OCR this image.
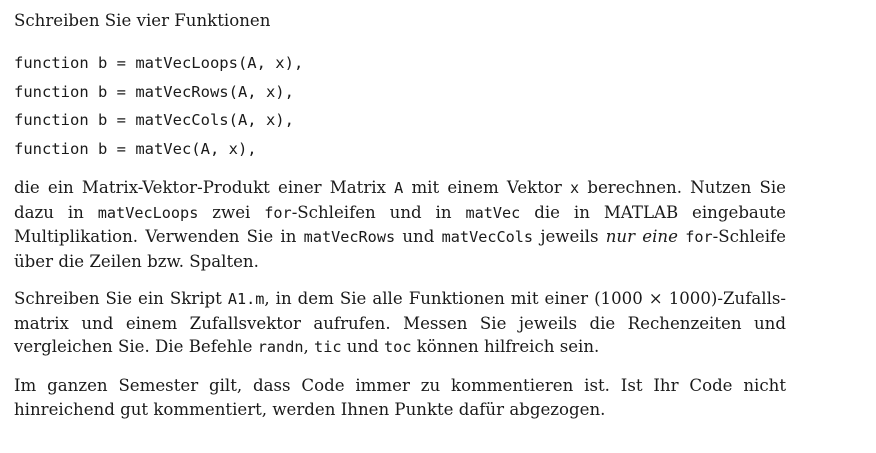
Schreiben Sie vier Funktionen

function b = matVecLoops(A, x),
function b = matVecRows(A, x),
function b = matVecCols(A, x),
function b = matVec(A, x),

die ein Matrix-Vektor-Produkt einer Matrix A mit einem Vektor x berechnen. Nutzen Sie dazu in matVecLoops zwei for-Schleifen und in matVec die in MATLAB eingebaute Multiplikation. Verwenden Sie in matVecRows und matVecCols jeweils nur eine for-Schleife über die Zeilen bzw. Spalten.

Schreiben Sie ein Skript A1.m, in dem Sie alle Funktionen mit einer (1000 × 1000)-Zufallsmatrix und einem Zufallsvektor aufrufen. Messen Sie jeweils die Rechenzeiten und vergleichen Sie. Die Befehle randn, tic und toc können hilfreich sein.

Im ganzen Semester gilt, dass Code immer zu kommentieren ist. Ist Ihr Code nicht hinreichend gut kommentiert, werden Ihnen Punkte dafür abgezogen.
